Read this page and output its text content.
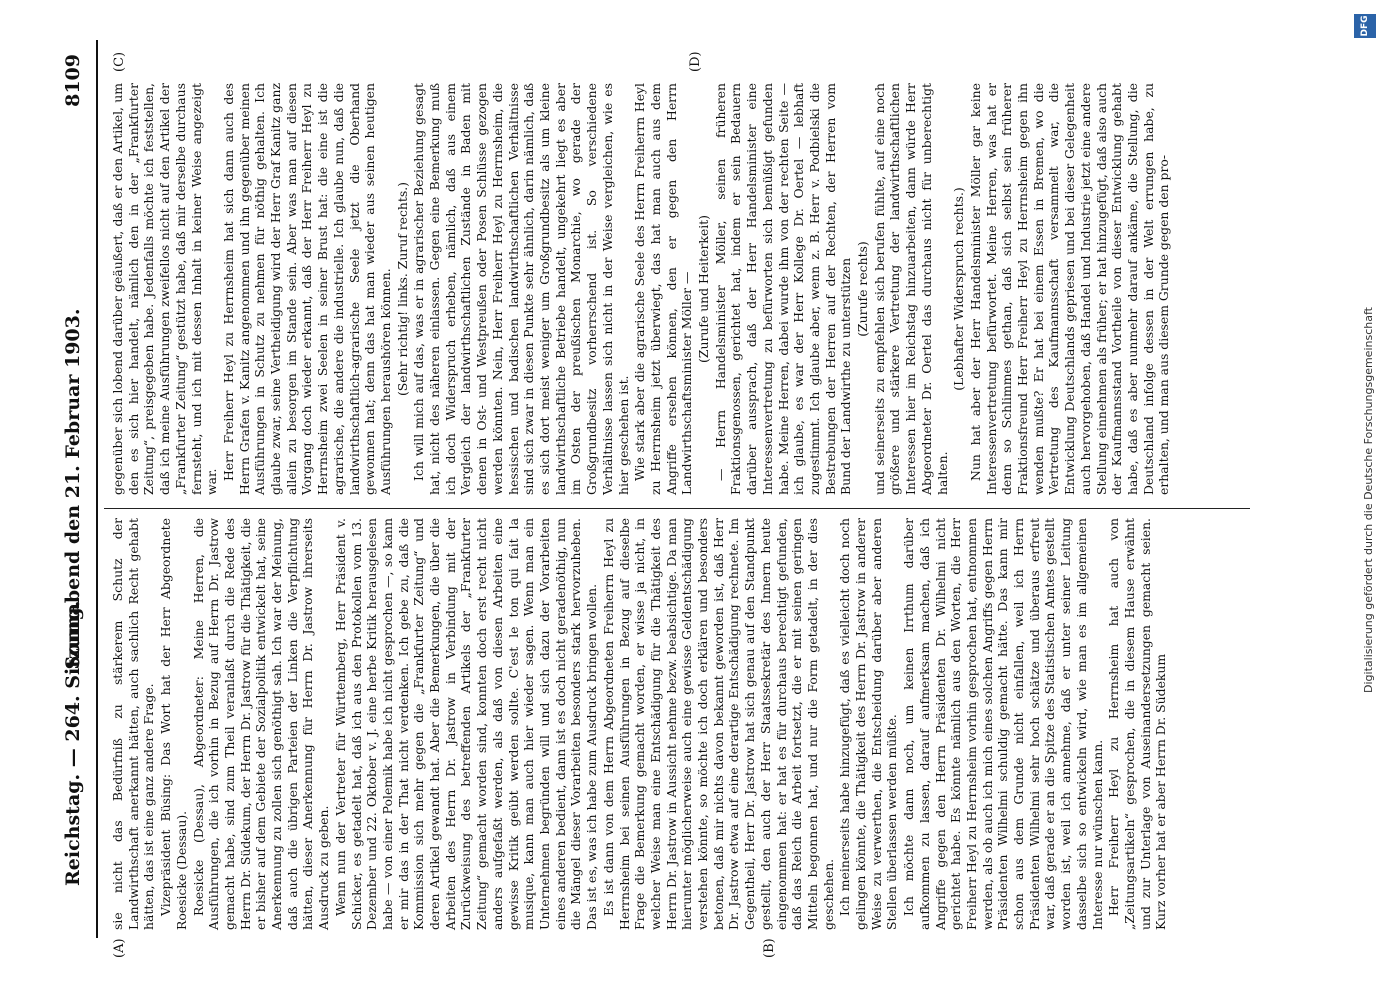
Reichstag. — 264. Sitzung.
Sonnabend den 21. Februar 1903.
8109
(A)	(B)
(C)	(D)

sie nicht das Bedürfniß zu stärkerem Schutz der Landwirthschaft anerkannt hätten, auch sachlich Recht gehabt hätten, das ist eine ganz andere Frage. Vizepräsident Büsing: Das Wort hat der Herr Abgeordnete Roesicke (Dessau). Roesicke (Dessau), Abgeordneter: Meine Herren, die Ausführungen, die ich vorhin in Bezug auf Herrn Dr. Jastrow gemacht habe, sind zum Theil veranlaßt durch die Rede des Herrn Dr. Südekum, der Herrn Dr. Jastrow für die Thätigkeit, die er bisher auf dem Gebiete der Sozialpolitik entwickelt hat, seine Anerkennung zu zollen sich genöthigt sah. Ich war der Meinung, daß auch die übrigen Parteien der Linken die Verpflichtung hätten, dieser Anerkennung für Herrn Dr. Jastrow ihrerseits Ausdruck zu geben. Wenn nun der Vertreter für Württemberg, Herr Präsident v. Schicker, es getadelt hat, daß ich aus den Protokollen vom 13. Dezember und 22. Oktober v. J. eine herbe Kritik herausgelesen habe — von einer Polemik habe ich nicht gesprochen —, so kann er mir das in der That nicht verdenken. Ich gebe zu, daß die Kommission sich mehr gegen die „Frankfurter Zeitung“ und deren Artikel gewandt hat. Aber die Bemerkungen, die über die Arbeiten des Herrn Dr. Jastrow in Verbindung mit der Zurückweisung des betreffenden Artikels der „Frankfurter Zeitung“ gemacht worden sind, konnten doch erst recht nicht anders aufgefaßt werden, als daß von diesen Arbeiten eine gewisse Kritik geübt werden sollte. C'est le ton qui fait la musique, kann man auch hier wieder sagen. Wenn man ein Unternehmen begründen will und sich dazu der Vorarbeiten eines anderen bedient, dann ist es doch nicht geradenöthig, nun die Mängel dieser Vorarbeiten besonders stark hervorzuheben. Das ist es, was ich habe zum Ausdruck bringen wollen. Es ist dann von dem Herrn Abgeordneten Freiherrn Heyl zu Herrnsheim bei seinen Ausführungen in Bezug auf dieselbe Frage die Bemerkung gemacht worden, er wisse ja nicht, in welcher Weise man eine Entschädigung für die Thätigkeit des Herrn Dr. Jastrow in Aussicht nehme bezw. beabsichtige. Da man hierunter möglicherweise auch eine gewisse Geldentschädigung verstehen könnte, so möchte ich doch erklären und besonders betonen, daß mir nichts davon bekannt geworden ist, daß Herr Dr. Jastrow etwa auf eine derartige Entschädigung rechnete. Im Gegentheil, Herr Dr. Jastrow hat sich genau auf den Standpunkt gestellt, den auch der Herr Staatssekretär des Innern heute eingenommen hat: er hat es für durchaus berechtigt gefunden, daß das Reich die Arbeit fortsetzt, die er mit seinen geringen Mitteln begonnen hat, und nur die Form getadelt, in der dies geschehen. Ich meinerseits habe hinzugefügt, daß es vielleicht doch noch gelingen könnte, die Thätigkeit des Herrn Dr. Jastrow in anderer Weise zu verwerthen, die Entscheidung darüber aber anderen Stellen überlassen werden müßte. Ich möchte dann noch, um keinen Irrthum darüber aufkommen zu lassen, darauf aufmerksam machen, daß ich Angriffe gegen den Herrn Präsidenten Dr. Wilhelmi nicht gerichtet habe. Es könnte nämlich aus den Worten, die Herr Freiherr Heyl zu Herrnsheim vorhin gesprochen hat, entnommen werden, als ob auch ich mich eines solchen Angriffs gegen Herrn Präsidenten Wilhelmi schuldig gemacht hätte. Das kann mir schon aus dem Grunde nicht einfallen, weil ich Herrn Präsidenten Wilhelmi sehr hoch schätze und überaus erfreut war, daß gerade er an die Spitze des Statistischen Amtes gestellt worden ist, weil ich annehme, daß er unter seiner Leitung dasselbe sich so entwickeln wird, wie man es im allgemeinen Interesse nur wünschen kann. Herr Freiherr Heyl zu Herrnsheim hat auch von „Zeitungsartikeln“ gesprochen, die in diesem Hause erwähnt und zur Unterlage von Auseinandersetzungen gemacht seien. Kurz vorher hat er aber Herrn Dr. Südekum

gegenüber sich lobend darüber geäußert, daß er den Artikel, um den es sich hier handelt, nämlich den in der „Frankfurter Zeitung“, preisgegeben habe. Jedenfalls möchte ich feststellen, daß ich meine Ausführungen zweifellos nicht auf den Artikel der „Frankfurter Zeitung“ gestützt habe, daß mir derselbe durchaus fernsteht, und ich mit dessen Inhalt in keiner Weise angezeigt war.

Herr Freiherr Heyl zu Herrnsheim hat sich dann auch des Herrn Grafen v. Kanitz angenommen und ihn gegenüber meinen Ausführungen in Schutz zu nehmen für nöthig gehalten. Ich glaube zwar, seine Vertheidigung wird der Herr Graf Kanitz ganz allein zu besorgen im Stande sein. Aber was man auf diesen Vorgang doch wieder erkannt, daß der Herr Freiherr Heyl zu Herrnsheim zwei Seelen in seiner Brust hat: die eine ist die agrarische, die andere die industrielle. Ich glaube nun, daß die landwirthschaftlich-agrarische Seele jetzt die Oberhand gewonnen hat; denn das hat man wieder aus seinen heutigen Ausführungen heraushören können. (Sehr richtig! links. Zuruf rechts.) Ich will mich auf das, was er in agrarischer Beziehung gesagt hat, nicht des näheren einlassen. Gegen eine Bemerkung muß ich doch Widerspruch erheben, nämlich, daß aus einem Vergleich der landwirthschaftlichen Zustände in Baden mit denen in Ost- und Westpreußen oder Posen Schlüsse gezogen werden könnten. Nein, Herr Freiherr Heyl zu Herrnsheim, die hessischen und badischen landwirthschaftlichen Verhältnisse sind sich zwar in diesen Punkte sehr ähnlich, darin nämlich, daß es sich dort meist weniger um Großgrundbesitz als um kleine landwirthschaftliche Betriebe handelt, ungekehrt liegt es aber im Osten der preußischen Monarchie, wo gerade der Großgrundbesitz vorherrschend ist. So verschiedene Verhältnisse lassen sich nicht in der Weise vergleichen, wie es hier geschehen ist. Wie stark aber die agrarische Seele des Herrn Freiherrn Heyl zu Herrnsheim jetzt überwiegt, das hat man auch aus dem Angriffe ersehen können, den er gegen den Herrn Landwirthschaftsminister Möller — (Zurufe und Heiterkeit) — Herrn Handelsminister Möller, seinen früheren Fraktionsgenossen, gerichtet hat, indem er sein Bedauern darüber aussprach, daß der Herr Handelsminister eine Interessenvertretung zu befürworten sich bemüßigt gefunden habe. Meine Herren, dabei wurde ihm von der rechten Seite — ich glaube, es war der Herr Kollege Dr. Oertel — lebhaft zugestimmt. Ich glaube aber, wenn z. B. Herr v. Podbielski die Bestrebungen der Herren auf der Rechten, der Herren vom Bund der Landwirthe zu unterstützen (Zurufe rechts) und seinerseits zu empfehlen sich berufen fühlte, auf eine noch größere und stärkere Vertretung der landwirthschaftlichen Interessen hier im Reichstag hinzuarbeiten, dann würde Herr Abgeordneter Dr. Oertel das durchaus nicht für unberechtigt halten.

(Lebhafter Widerspruch rechts.) Nun hat aber der Herr Handelsminister Möller gar keine Interessenvertretung befürwortet. Meine Herren, was hat er denn so Schlimmes gethan, daß sich selbst sein früherer Fraktionsfreund Herr Freiherr Heyl zu Herrnsheim gegen ihn wenden mußte? Er hat bei einem Essen in Bremen, wo die Vertretung des Kaufmannsschaft versammelt war, die Entwicklung Deutschlands gepriesen und bei dieser Gelegenheit auch hervorgehoben, daß Handel und Industrie jetzt eine andere Stellung einnehmen als früher; er hat hinzugefügt, daß also auch der Kaufmannsstand Vortheile von dieser Entwicklung gehabt habe, daß es aber nunmehr darauf ankäme, die Stellung, die Deutschland infolge dessen in der Welt errungen habe, zu erhalten, und man aus diesem Grunde gegen den pro-	Digitalisierung gefördert durch die Deutsche Forschungsgemeinschaft
DFG
